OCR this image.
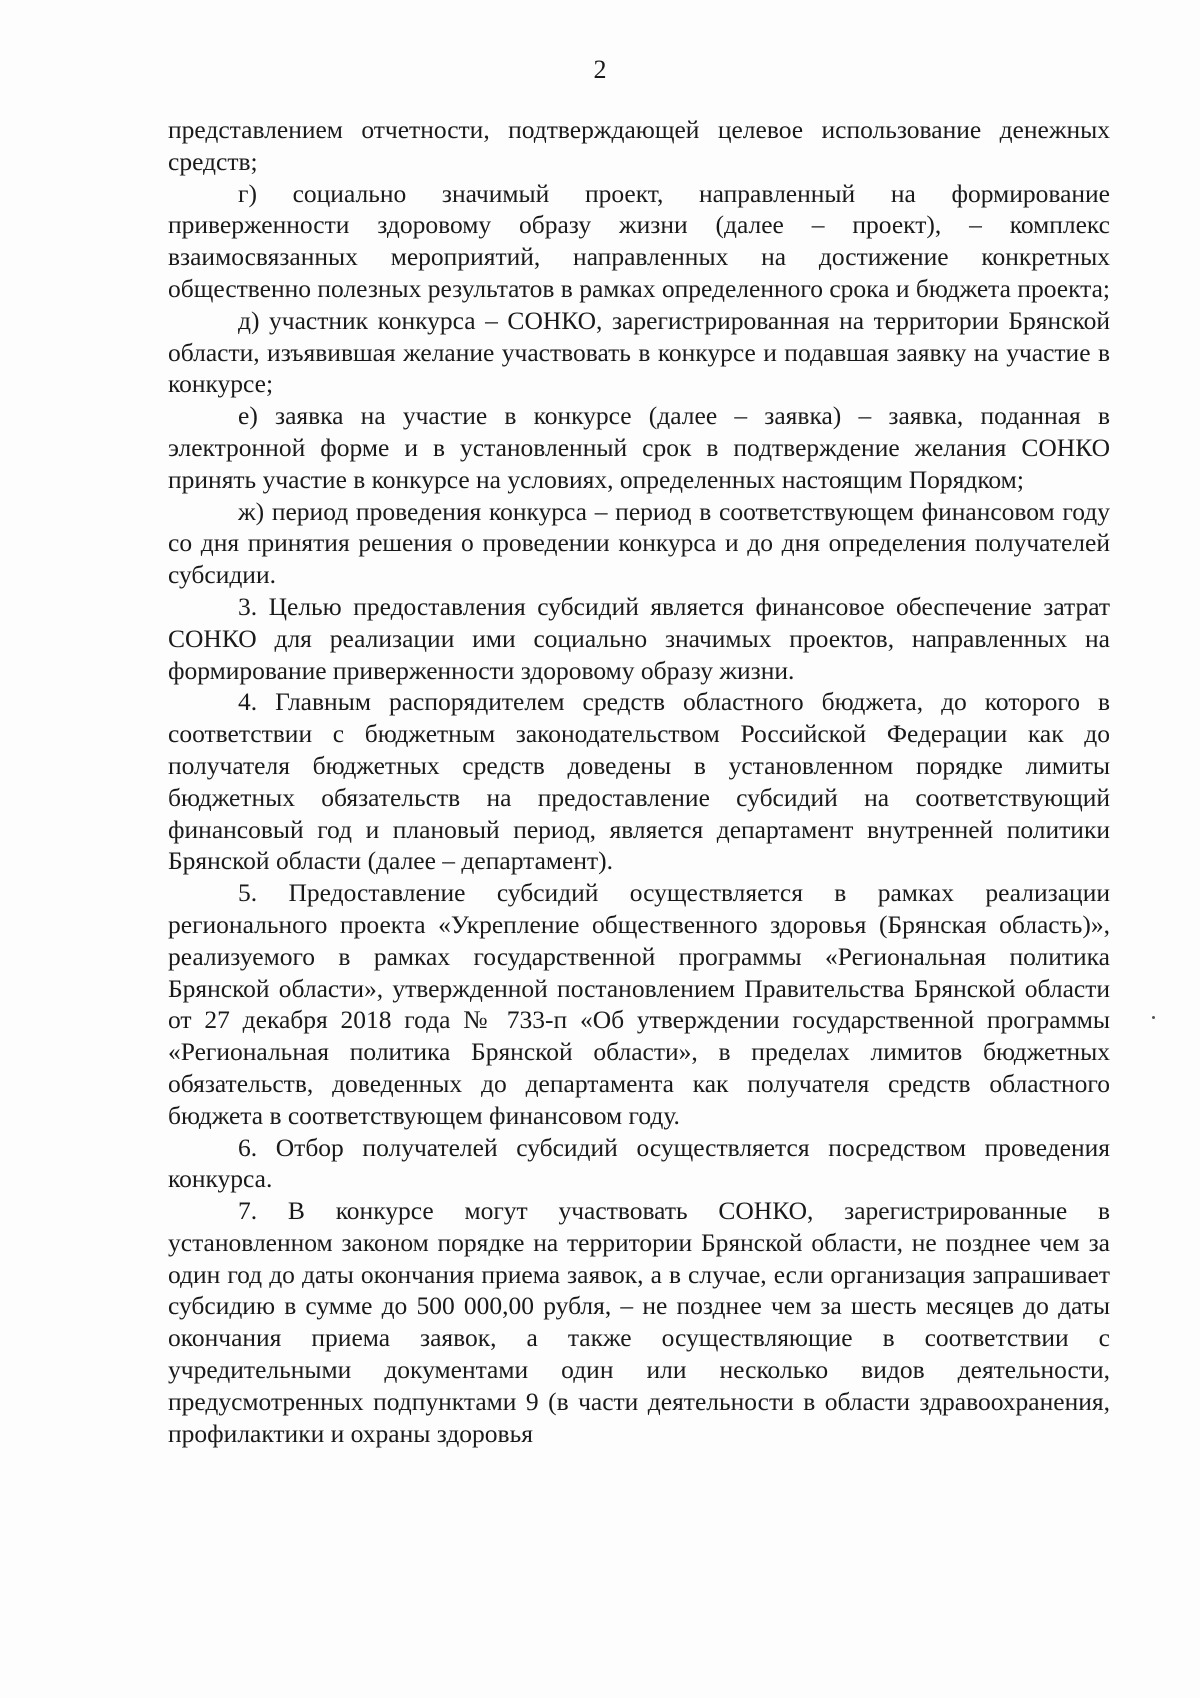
2

представлением отчетности, подтверждающей целевое использование денежных средств;

г) социально значимый проект, направленный на формирование приверженности здоровому образу жизни (далее – проект), – комплекс взаимосвязанных мероприятий, направленных на достижение конкретных общественно полезных результатов в рамках определенного срока и бюджета проекта;

д) участник конкурса – СОНКО, зарегистрированная на территории Брянской области, изъявившая желание участвовать в конкурсе и подавшая заявку на участие в конкурсе;

е) заявка на участие в конкурсе (далее – заявка) – заявка, поданная в электронной форме и в установленный срок в подтверждение желания СОНКО принять участие в конкурсе на условиях, определенных настоящим Порядком;

ж) период проведения конкурса – период в соответствующем финансовом году со дня принятия решения о проведении конкурса и до дня определения получателей субсидии.

3. Целью предоставления субсидий является финансовое обеспечение затрат СОНКО для реализации ими социально значимых проектов, направленных на формирование приверженности здоровому образу жизни.

4. Главным распорядителем средств областного бюджета, до которого в соответствии с бюджетным законодательством Российской Федерации как до получателя бюджетных средств доведены в установленном порядке лимиты бюджетных обязательств на предоставление субсидий на соответствующий финансовый год и плановый период, является департамент внутренней политики Брянской области (далее – департамент).

5. Предоставление субсидий осуществляется в рамках реализации регионального проекта «Укрепление общественного здоровья (Брянская область)», реализуемого в рамках государственной программы «Региональная политика Брянской области», утвержденной постановлением Правительства Брянской области от 27 декабря 2018 года № 733-п «Об утверждении государственной программы «Региональная политика Брянской области», в пределах лимитов бюджетных обязательств, доведенных до департамента как получателя средств областного бюджета в соответствующем финансовом году.

6. Отбор получателей субсидий осуществляется посредством проведения конкурса.

7. В конкурсе могут участвовать СОНКО, зарегистрированные в установленном законом порядке на территории Брянской области, не позднее чем за один год до даты окончания приема заявок, а в случае, если организация запрашивает субсидию в сумме до 500 000,00 рубля, – не позднее чем за шесть месяцев до даты окончания приема заявок, а также осуществляющие в соответствии с учредительными документами один или несколько видов деятельности, предусмотренных подпунктами 9 (в части деятельности в области здравоохранения, профилактики и охраны здоровья
